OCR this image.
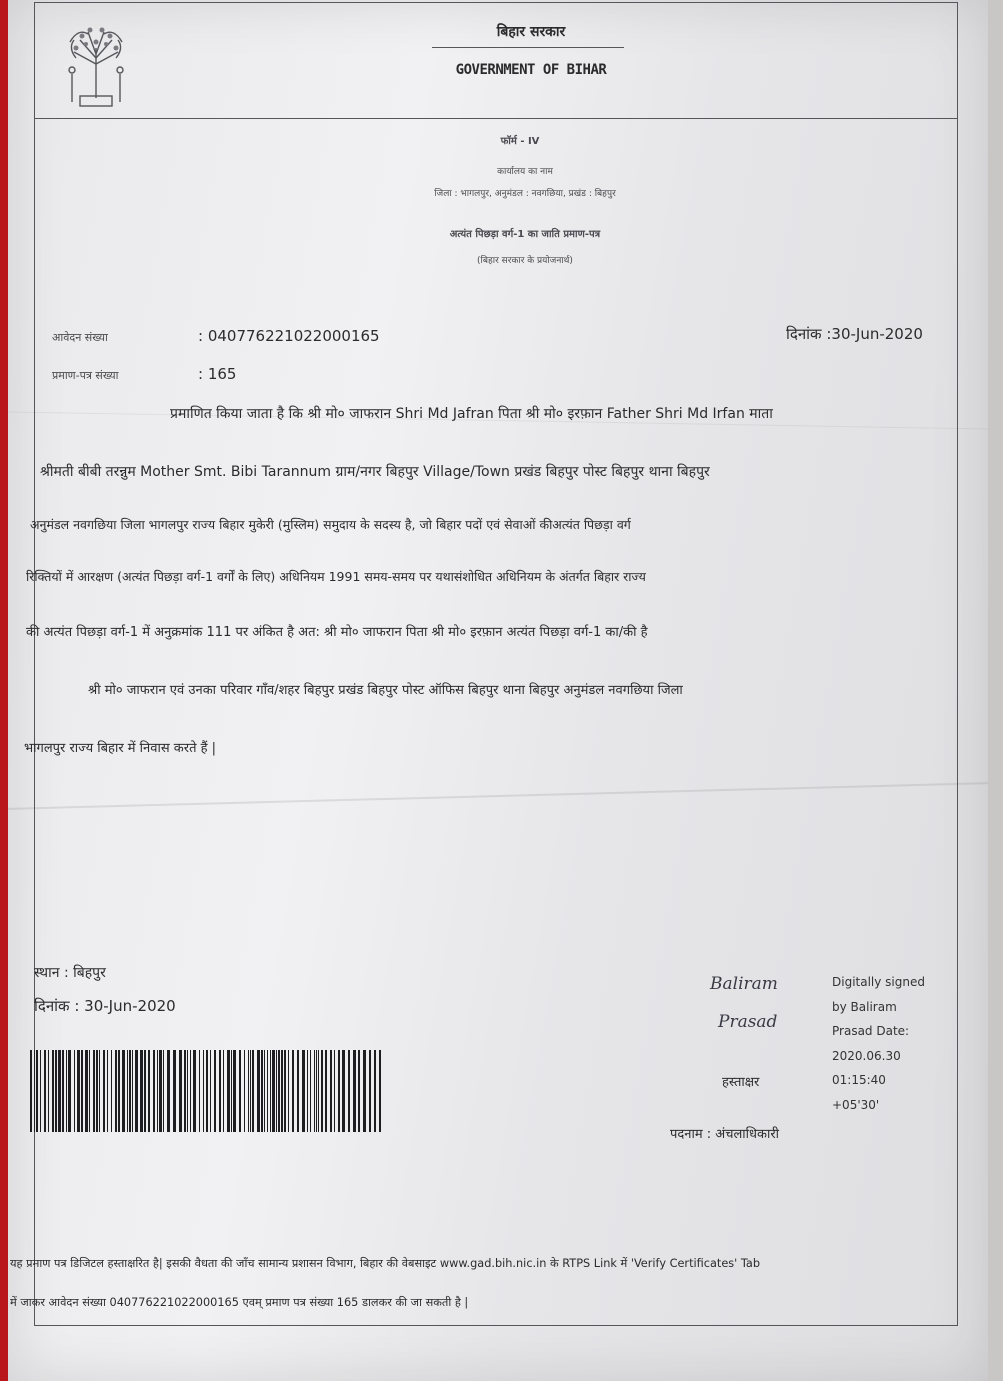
बिहार सरकार
GOVERNMENT OF BIHAR
फॉर्म - IV
कार्यालय का नाम
जिला : भागलपुर, अनुमंडल : नवगछिया, प्रखंड : बिहपुर
अत्यंत पिछड़ा वर्ग-1 का जाति प्रमाण-पत्र
(बिहार सरकार के प्रयोजनार्थ)
आवेदन संख्या	: 040776221022000165
प्रमाण-पत्र संख्या	: 165
दिनांक :30-Jun-2020
प्रमाणित किया जाता है कि श्री मो० जाफरान Shri Md Jafran पिता श्री मो० इरफ़ान Father Shri Md Irfan माता
श्रीमती बीबी तरन्नुम Mother Smt. Bibi Tarannum ग्राम/नगर बिहपुर Village/Town प्रखंड बिहपुर पोस्ट बिहपुर थाना बिहपुर
अनुमंडल नवगछिया जिला भागलपुर राज्य बिहार मुकेरी (मुस्लिम) समुदाय के सदस्य है, जो बिहार पदों एवं सेवाओं कीअत्यंत पिछड़ा वर्ग
रिक्तियों में आरक्षण (अत्यंत पिछड़ा वर्ग-1 वर्गों के लिए) अधिनियम 1991 समय-समय पर यथासंशोधित अधिनियम के अंतर्गत बिहार राज्य
की अत्यंत पिछड़ा वर्ग-1 में अनुक्रमांक 111 पर अंकित है अत: श्री मो० जाफरान पिता श्री मो० इरफ़ान अत्यंत पिछड़ा वर्ग-1 का/की है
श्री मो० जाफरान एवं उनका परिवार गाँव/शहर बिहपुर प्रखंड बिहपुर पोस्ट ऑफिस बिहपुर थाना बिहपुर अनुमंडल नवगछिया जिला
भागलपुर राज्य बिहार में निवास करते हैं |
स्थान : बिहपुर
दिनांक : 30-Jun-2020
Baliram
Prasad
Digitally signed
by Baliram
Prasad Date:
2020.06.30
01:15:40
+05'30'
हस्ताक्षर
पदनाम : अंचलाधिकारी
यह प्रमाण पत्र डिजिटल हस्ताक्षरित है| इसकी वैधता की जाँच सामान्य प्रशासन विभाग, बिहार की वेबसाइट www.gad.bih.nic.in के RTPS Link में 'Verify Certificates' Tab
में जाकर आवेदन संख्या 040776221022000165 एवम् प्रमाण पत्र संख्या 165 डालकर की जा सकती है |
